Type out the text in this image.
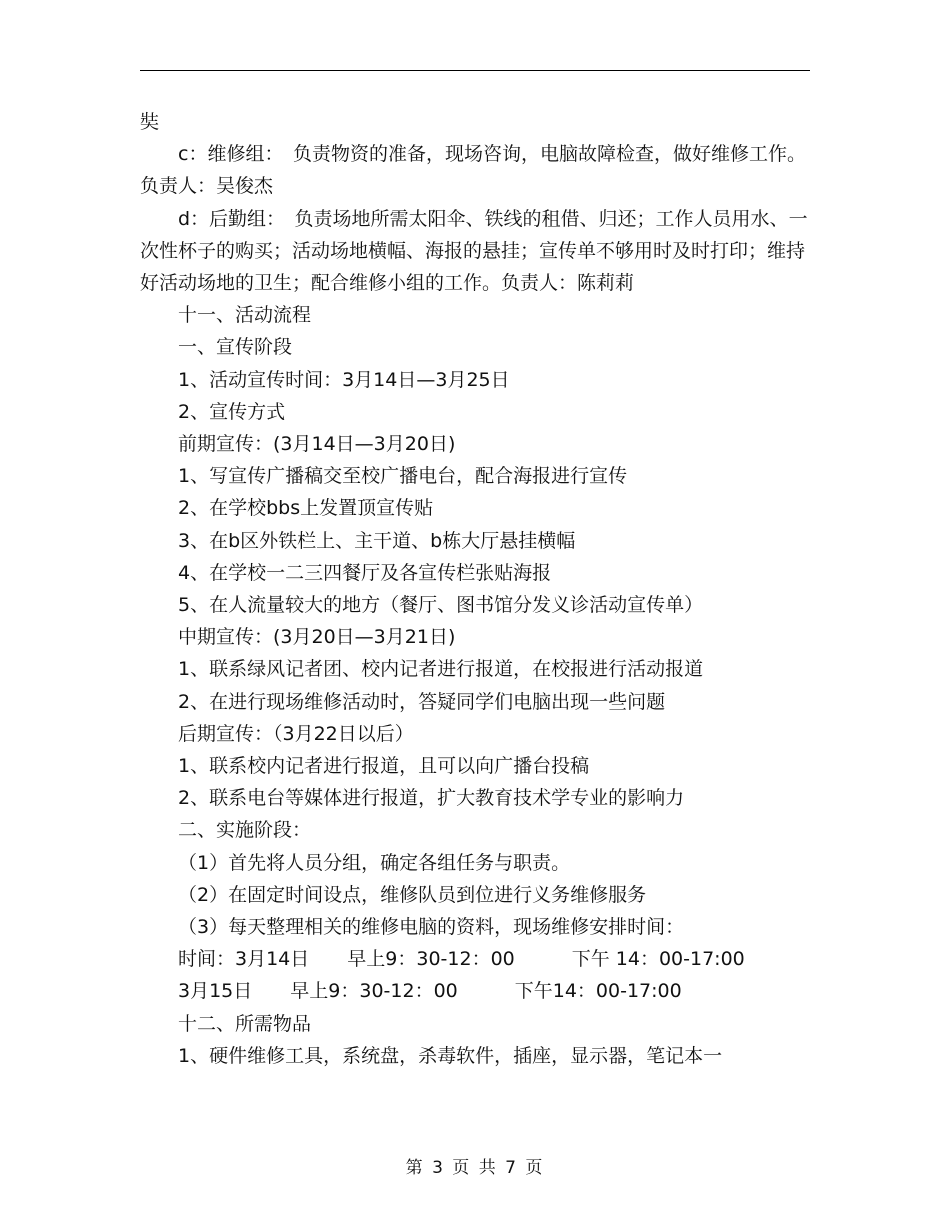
奘

c：维修组：　负责物资的准备，现场咨询，电脑故障检查，做好维修工作。负责人：吴俊杰

d：后勤组：　负责场地所需太阳伞、铁线的租借、归还；工作人员用水、一次性杯子的购买；活动场地横幅、海报的悬挂；宣传单不够用时及时打印；维持好活动场地的卫生；配合维修小组的工作。负责人：陈莉莉

十一、活动流程

一、宣传阶段

1、活动宣传时间：3月14日—3月25日

2、宣传方式

前期宣传：(3月14日—3月20日)

1、写宣传广播稿交至校广播电台，配合海报进行宣传

2、在学校bbs上发置顶宣传贴

3、在b区外铁栏上、主干道、b栋大厅悬挂横幅

4、在学校一二三四餐厅及各宣传栏张贴海报

5、在人流量较大的地方（餐厅、图书馆分发义诊活动宣传单）

中期宣传：(3月20日—3月21日)

1、联系绿风记者团、校内记者进行报道，在校报进行活动报道

2、在进行现场维修活动时，答疑同学们电脑出现一些问题

后期宣传：（3月22日以后）

1、联系校内记者进行报道，且可以向广播台投稿

2、联系电台等媒体进行报道，扩大教育技术学专业的影响力

二、实施阶段：

（1）首先将人员分组，确定各组任务与职责。

（2）在固定时间设点，维修队员到位进行义务维修服务

（3）每天整理相关的维修电脑的资料，现场维修安排时间：

时间：3月14日　　早上9：30-12：00　　　下午 14：00-17:00

3月15日　　早上9：30-12：00　　　下午14：00-17:00

十二、所需物品

1、硬件维修工具，系统盘，杀毒软件，插座，显示器，笔记本一

第 3 页 共 7 页
